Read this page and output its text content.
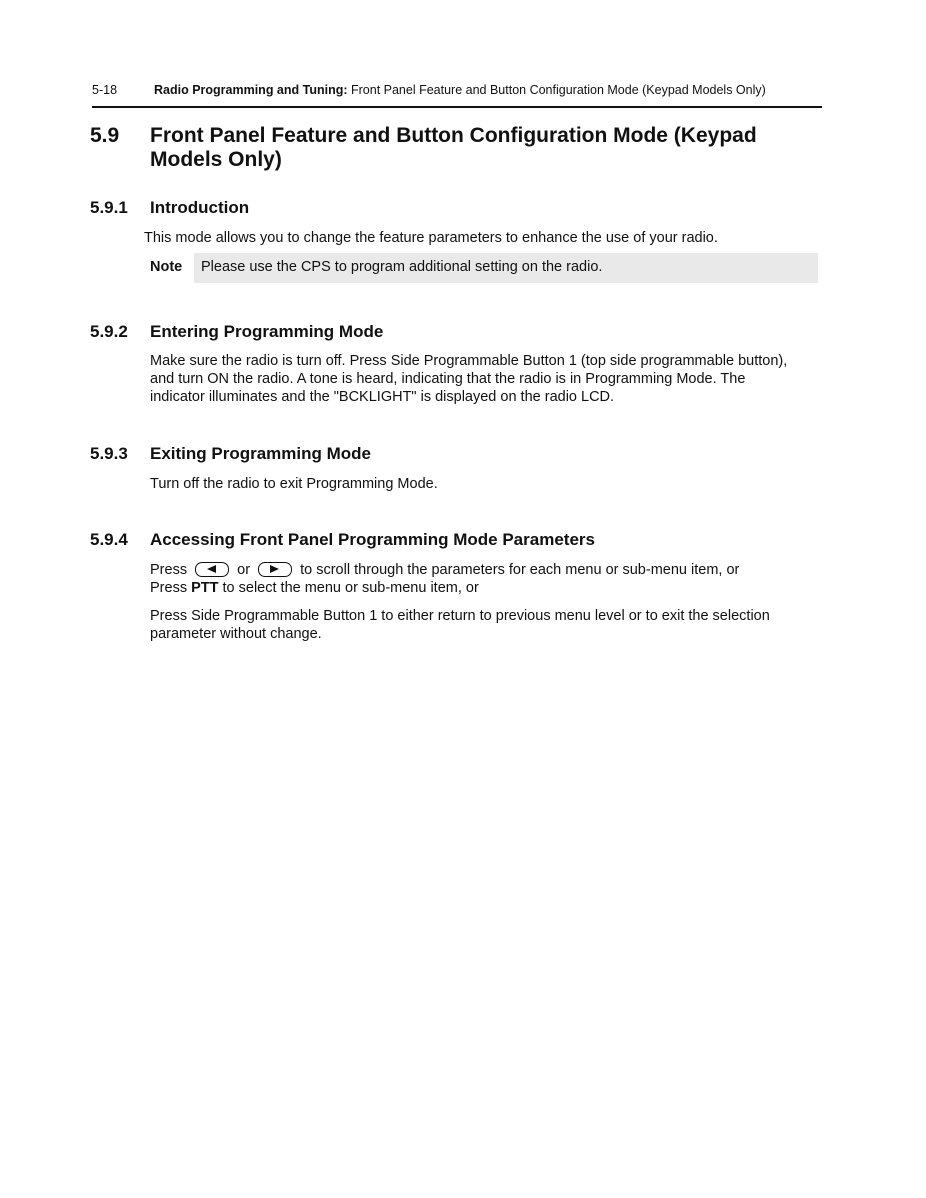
5-18	Radio Programming and Tuning: Front Panel Feature and Button Configuration Mode (Keypad Models Only)
5.9 Front Panel Feature and Button Configuration Mode (Keypad Models Only)
5.9.1 Introduction
This mode allows you to change the feature parameters to enhance the use of your radio.
Note Please use the CPS to program additional setting on the radio.
5.9.2 Entering Programming Mode
Make sure the radio is turn off. Press Side Programmable Button 1 (top side programmable button),
and turn ON the radio. A tone is heard, indicating that the radio is in Programming Mode. The
indicator illuminates and the "BCKLIGHT" is displayed on the radio LCD.
5.9.3 Exiting Programming Mode
Turn off the radio to exit Programming Mode.
5.9.4 Accessing Front Panel Programming Mode Parameters
Press	or	to scroll through the parameters for each menu or sub-menu item, or
Press PTT to select the menu or sub-menu item, or
Press Side Programmable Button 1 to either return to previous menu level or to exit the selection
parameter without change.
